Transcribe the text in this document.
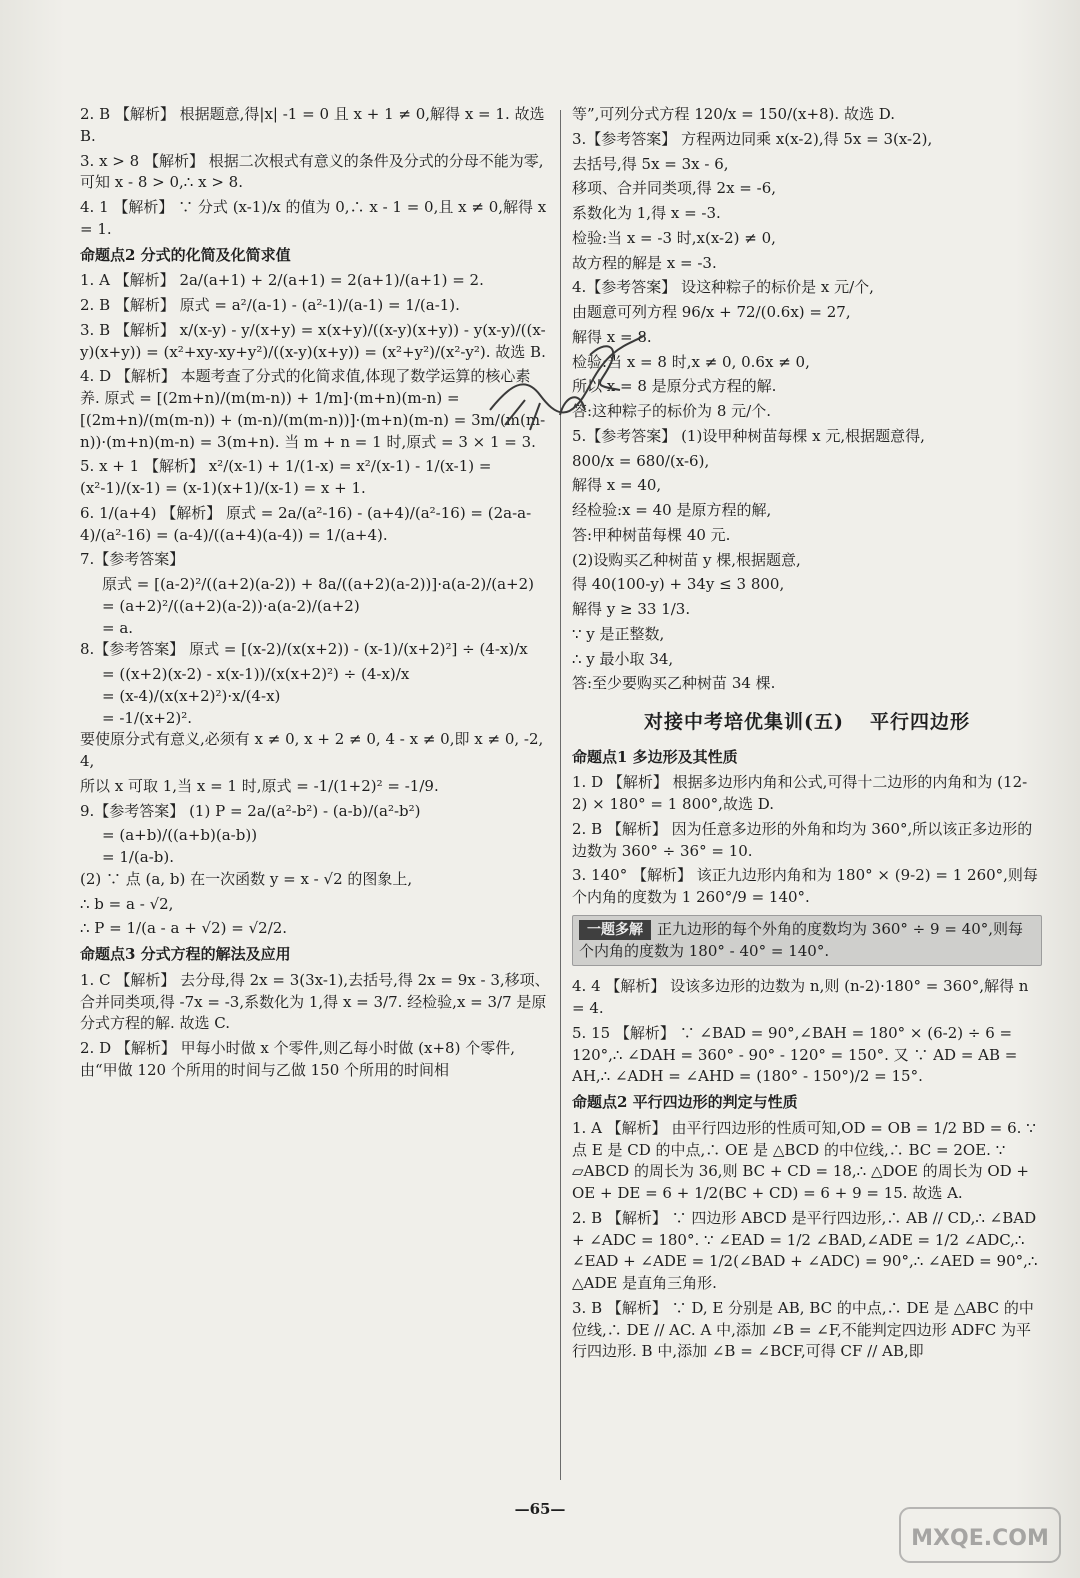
2. B 【解析】 根据题意,得|x| -1 = 0 且 x + 1 ≠ 0,解得 x = 1. 故选 B.

3. x > 8 【解析】 根据二次根式有意义的条件及分式的分母不能为零,可知 x - 8 > 0,∴ x > 8.

4. 1 【解析】 ∵ 分式 (x-1)/x 的值为 0,∴ x - 1 = 0,且 x ≠ 0,解得 x = 1.

命题点2 分式的化简及化简求值

1. A 【解析】 2a/(a+1) + 2/(a+1) = 2(a+1)/(a+1) = 2.

2. B 【解析】 原式 = a²/(a-1) - (a²-1)/(a-1) = 1/(a-1).

3. B 【解析】 x/(x-y) - y/(x+y) = x(x+y)/((x-y)(x+y)) - y(x-y)/((x-y)(x+y)) = (x²+xy-xy+y²)/((x-y)(x+y)) = (x²+y²)/(x²-y²). 故选 B.

4. D 【解析】 本题考查了分式的化简求值,体现了数学运算的核心素养. 原式 = [(2m+n)/(m(m-n)) + 1/m]·(m+n)(m-n) = [(2m+n)/(m(m-n)) + (m-n)/(m(m-n))]·(m+n)(m-n) = 3m/(m(m-n))·(m+n)(m-n) = 3(m+n). 当 m + n = 1 时,原式 = 3 × 1 = 3.

5. x + 1 【解析】 x²/(x-1) + 1/(1-x) = x²/(x-1) - 1/(x-1) = (x²-1)/(x-1) = (x-1)(x+1)/(x-1) = x + 1.

6. 1/(a+4) 【解析】 原式 = 2a/(a²-16) - (a+4)/(a²-16) = (2a-a-4)/(a²-16) = (a-4)/((a+4)(a-4)) = 1/(a+4).

7.【参考答案】

原式 = [(a-2)²/((a+2)(a-2)) + 8a/((a+2)(a-2))]·a(a-2)/(a+2)

= (a+2)²/((a+2)(a-2))·a(a-2)/(a+2)

= a.

8.【参考答案】 原式 = [(x-2)/(x(x+2)) - (x-1)/(x+2)²] ÷ (4-x)/x

= ((x+2)(x-2) - x(x-1))/(x(x+2)²) ÷ (4-x)/x

= (x-4)/(x(x+2)²)·x/(4-x)

= -1/(x+2)².

要使原分式有意义,必须有 x ≠ 0, x + 2 ≠ 0, 4 - x ≠ 0,即 x ≠ 0, -2, 4,

所以 x 可取 1,当 x = 1 时,原式 = -1/(1+2)² = -1/9.

9.【参考答案】 (1) P = 2a/(a²-b²) - (a-b)/(a²-b²)

= (a+b)/((a+b)(a-b))

= 1/(a-b).

(2) ∵ 点 (a, b) 在一次函数 y = x - √2 的图象上,

∴ b = a - √2,

∴ P = 1/(a - a + √2) = √2/2.

命题点3 分式方程的解法及应用

1. C 【解析】 去分母,得 2x = 3(3x-1),去括号,得 2x = 9x - 3,移项、合并同类项,得 -7x = -3,系数化为 1,得 x = 3/7. 经检验,x = 3/7 是原分式方程的解. 故选 C.

2. D 【解析】 甲每小时做 x 个零件,则乙每小时做 (x+8) 个零件,由“甲做 120 个所用的时间与乙做 150 个所用的时间相

等”,可列分式方程 120/x = 150/(x+8). 故选 D.

3.【参考答案】 方程两边同乘 x(x-2),得 5x = 3(x-2),

去括号,得 5x = 3x - 6,

移项、合并同类项,得 2x = -6,

系数化为 1,得 x = -3.

检验:当 x = -3 时,x(x-2) ≠ 0,

故方程的解是 x = -3.

4.【参考答案】 设这种粽子的标价是 x 元/个,

由题意可列方程 96/x + 72/(0.6x) = 27,

解得 x = 8.

检验:当 x = 8 时,x ≠ 0, 0.6x ≠ 0,

所以 x = 8 是原分式方程的解.

答:这种粽子的标价为 8 元/个.

5.【参考答案】 (1)设甲种树苗每棵 x 元,根据题意得,

800/x = 680/(x-6),

解得 x = 40,

经检验:x = 40 是原方程的解,

答:甲种树苗每棵 40 元.

(2)设购买乙种树苗 y 棵,根据题意,

得 40(100-y) + 34y ≤ 3 800,

解得 y ≥ 33 1/3.

∵ y 是正整数,

∴ y 最小取 34,

答:至少要购买乙种树苗 34 棵.

对接中考培优集训(五) 平行四边形

命题点1 多边形及其性质

1. D 【解析】 根据多边形内角和公式,可得十二边形的内角和为 (12-2) × 180° = 1 800°,故选 D.

2. B 【解析】 因为任意多边形的外角和均为 360°,所以该正多边形的边数为 360° ÷ 36° = 10.

3. 140° 【解析】 该正九边形内角和为 180° × (9-2) = 1 260°,则每个内角的度数为 1 260°/9 = 140°.

一题多解 正九边形的每个外角的度数均为 360° ÷ 9 = 40°,则每个内角的度数为 180° - 40° = 140°.

4. 4 【解析】 设该多边形的边数为 n,则 (n-2)·180° = 360°,解得 n = 4.

5. 15 【解析】 ∵ ∠BAD = 90°,∠BAH = 180° × (6-2) ÷ 6 = 120°,∴ ∠DAH = 360° - 90° - 120° = 150°. 又 ∵ AD = AB = AH,∴ ∠ADH = ∠AHD = (180° - 150°)/2 = 15°.

命题点2 平行四边形的判定与性质

1. A 【解析】 由平行四边形的性质可知,OD = OB = 1/2 BD = 6. ∵ 点 E 是 CD 的中点,∴ OE 是 △BCD 的中位线,∴ BC = 2OE. ∵ ▱ABCD 的周长为 36,则 BC + CD = 18,∴ △DOE 的周长为 OD + OE + DE = 6 + 1/2(BC + CD) = 6 + 9 = 15. 故选 A.

2. B 【解析】 ∵ 四边形 ABCD 是平行四边形,∴ AB // CD,∴ ∠BAD + ∠ADC = 180°. ∵ ∠EAD = 1/2 ∠BAD,∠ADE = 1/2 ∠ADC,∴ ∠EAD + ∠ADE = 1/2(∠BAD + ∠ADC) = 90°,∴ ∠AED = 90°,∴ △ADE 是直角三角形.

3. B 【解析】 ∵ D, E 分别是 AB, BC 的中点,∴ DE 是 △ABC 的中位线,∴ DE // AC. A 中,添加 ∠B = ∠F,不能判定四边形 ADFC 为平行四边形. B 中,添加 ∠B = ∠BCF,可得 CF // AB,即

—65—
MXQE.COM
